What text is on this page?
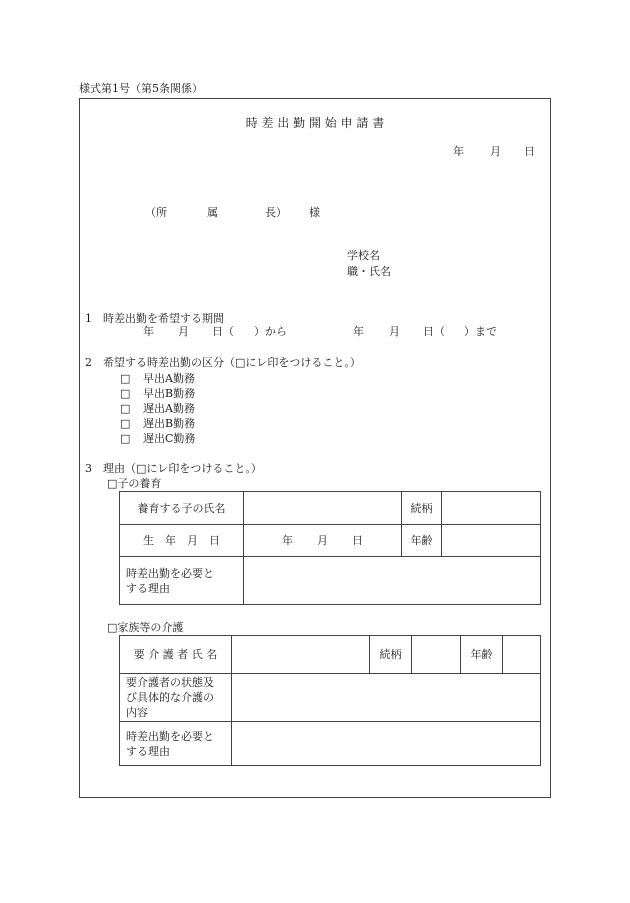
様式第1号（第5条関係）
時 差 出 勤 開 始 申 請 書
年 月 日
（所	属	長） 様
学校名
職・氏名
1　時差出勤を希望する期間
年 月 日（ ）から	年 月 日（ ）まで
2　希望する時差出勤の区分（□にレ印をつけること。）
□ 早出A勤務
□ 早出B勤務
□ 遅出A勤務
□ 遅出B勤務
□ 遅出C勤務
3　理由（□にレ印をつけること。）
□子の養育
養育する子の氏名		続柄	
生　年　月　日	年 月 日	年齢	

時差出勤を必要と
する理由			

□家族等の介護
要 介 護 者 氏 名		続柄		年齢	

要介護者の状態及
び具体的な介護の
内容					

時差出勤を必要と
する理由					
